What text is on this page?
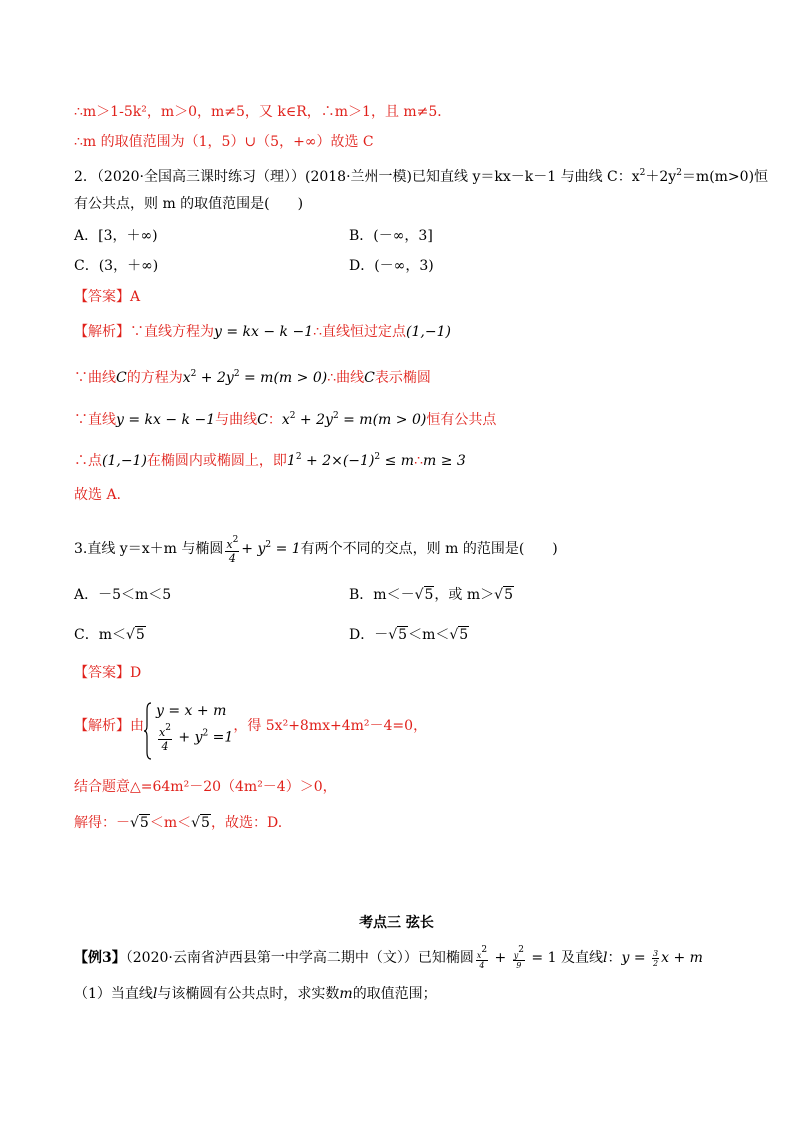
∴m＞1-5k²，m＞0，m≠5，又 k∈R，∴m＞1，且 m≠5．
∴m 的取值范围为（1，5）∪（5，+∞）故选 C
2．（2020·全国高三课时练习（理））(2018·兰州一模)已知直线 y＝kx－k－1 与曲线 C：$x^2+2y^2=m(m>0)$恒
有公共点，则 m 的取值范围是(　　)
A．[3，＋∞)	B．(－∞，3]
C．(3，＋∞)	D．(－∞，3)
【答案】A
【解析】∵直线方程为y = kx − k −1∴直线恒过定点(1,−1)
∵曲线C的方程为$x^2 + 2y^2 = m(m$ > 0)∴曲线C表示椭圆
∵直线y = kx − k −1与曲线C：$x^2 + 2y^2 = m(m > 0)$恒有公共点
∴点(1,−1)在椭圆内或椭圆上，即$1^2 + 2\times(-1)^2$ ≤ m∴m ≥ 3
故选 A.
3.直线 y＝x＋m 与椭圆 $\frac{x^2}{4} + y^2 = 1$有两个不同的交点，则 m 的范围是(　　)
A．－5＜m＜5	B．m＜－√5，或 m＞√5
C．m＜√5	D．－√5＜m＜√5
【答案】D
【解析】由
y = x + m
$\frac{x^2}{4} + y^2 =1$
，得 5x²+8mx+4m²－4=0，
结合题意△=64m²－20（4m²－4）＞0，
解得：－√5＜m＜√5，故选：D.
考点三 弦长
【例3】（2020·云南省泸西县第一中学高二期中（文））已知椭圆 $\frac{x2}{4} + \frac{y2}{9} = 1$ 及直线l：$y = \frac{3}{2}$ x + m
（1）当直线l与该椭圆有公共点时，求实数m的取值范围；
